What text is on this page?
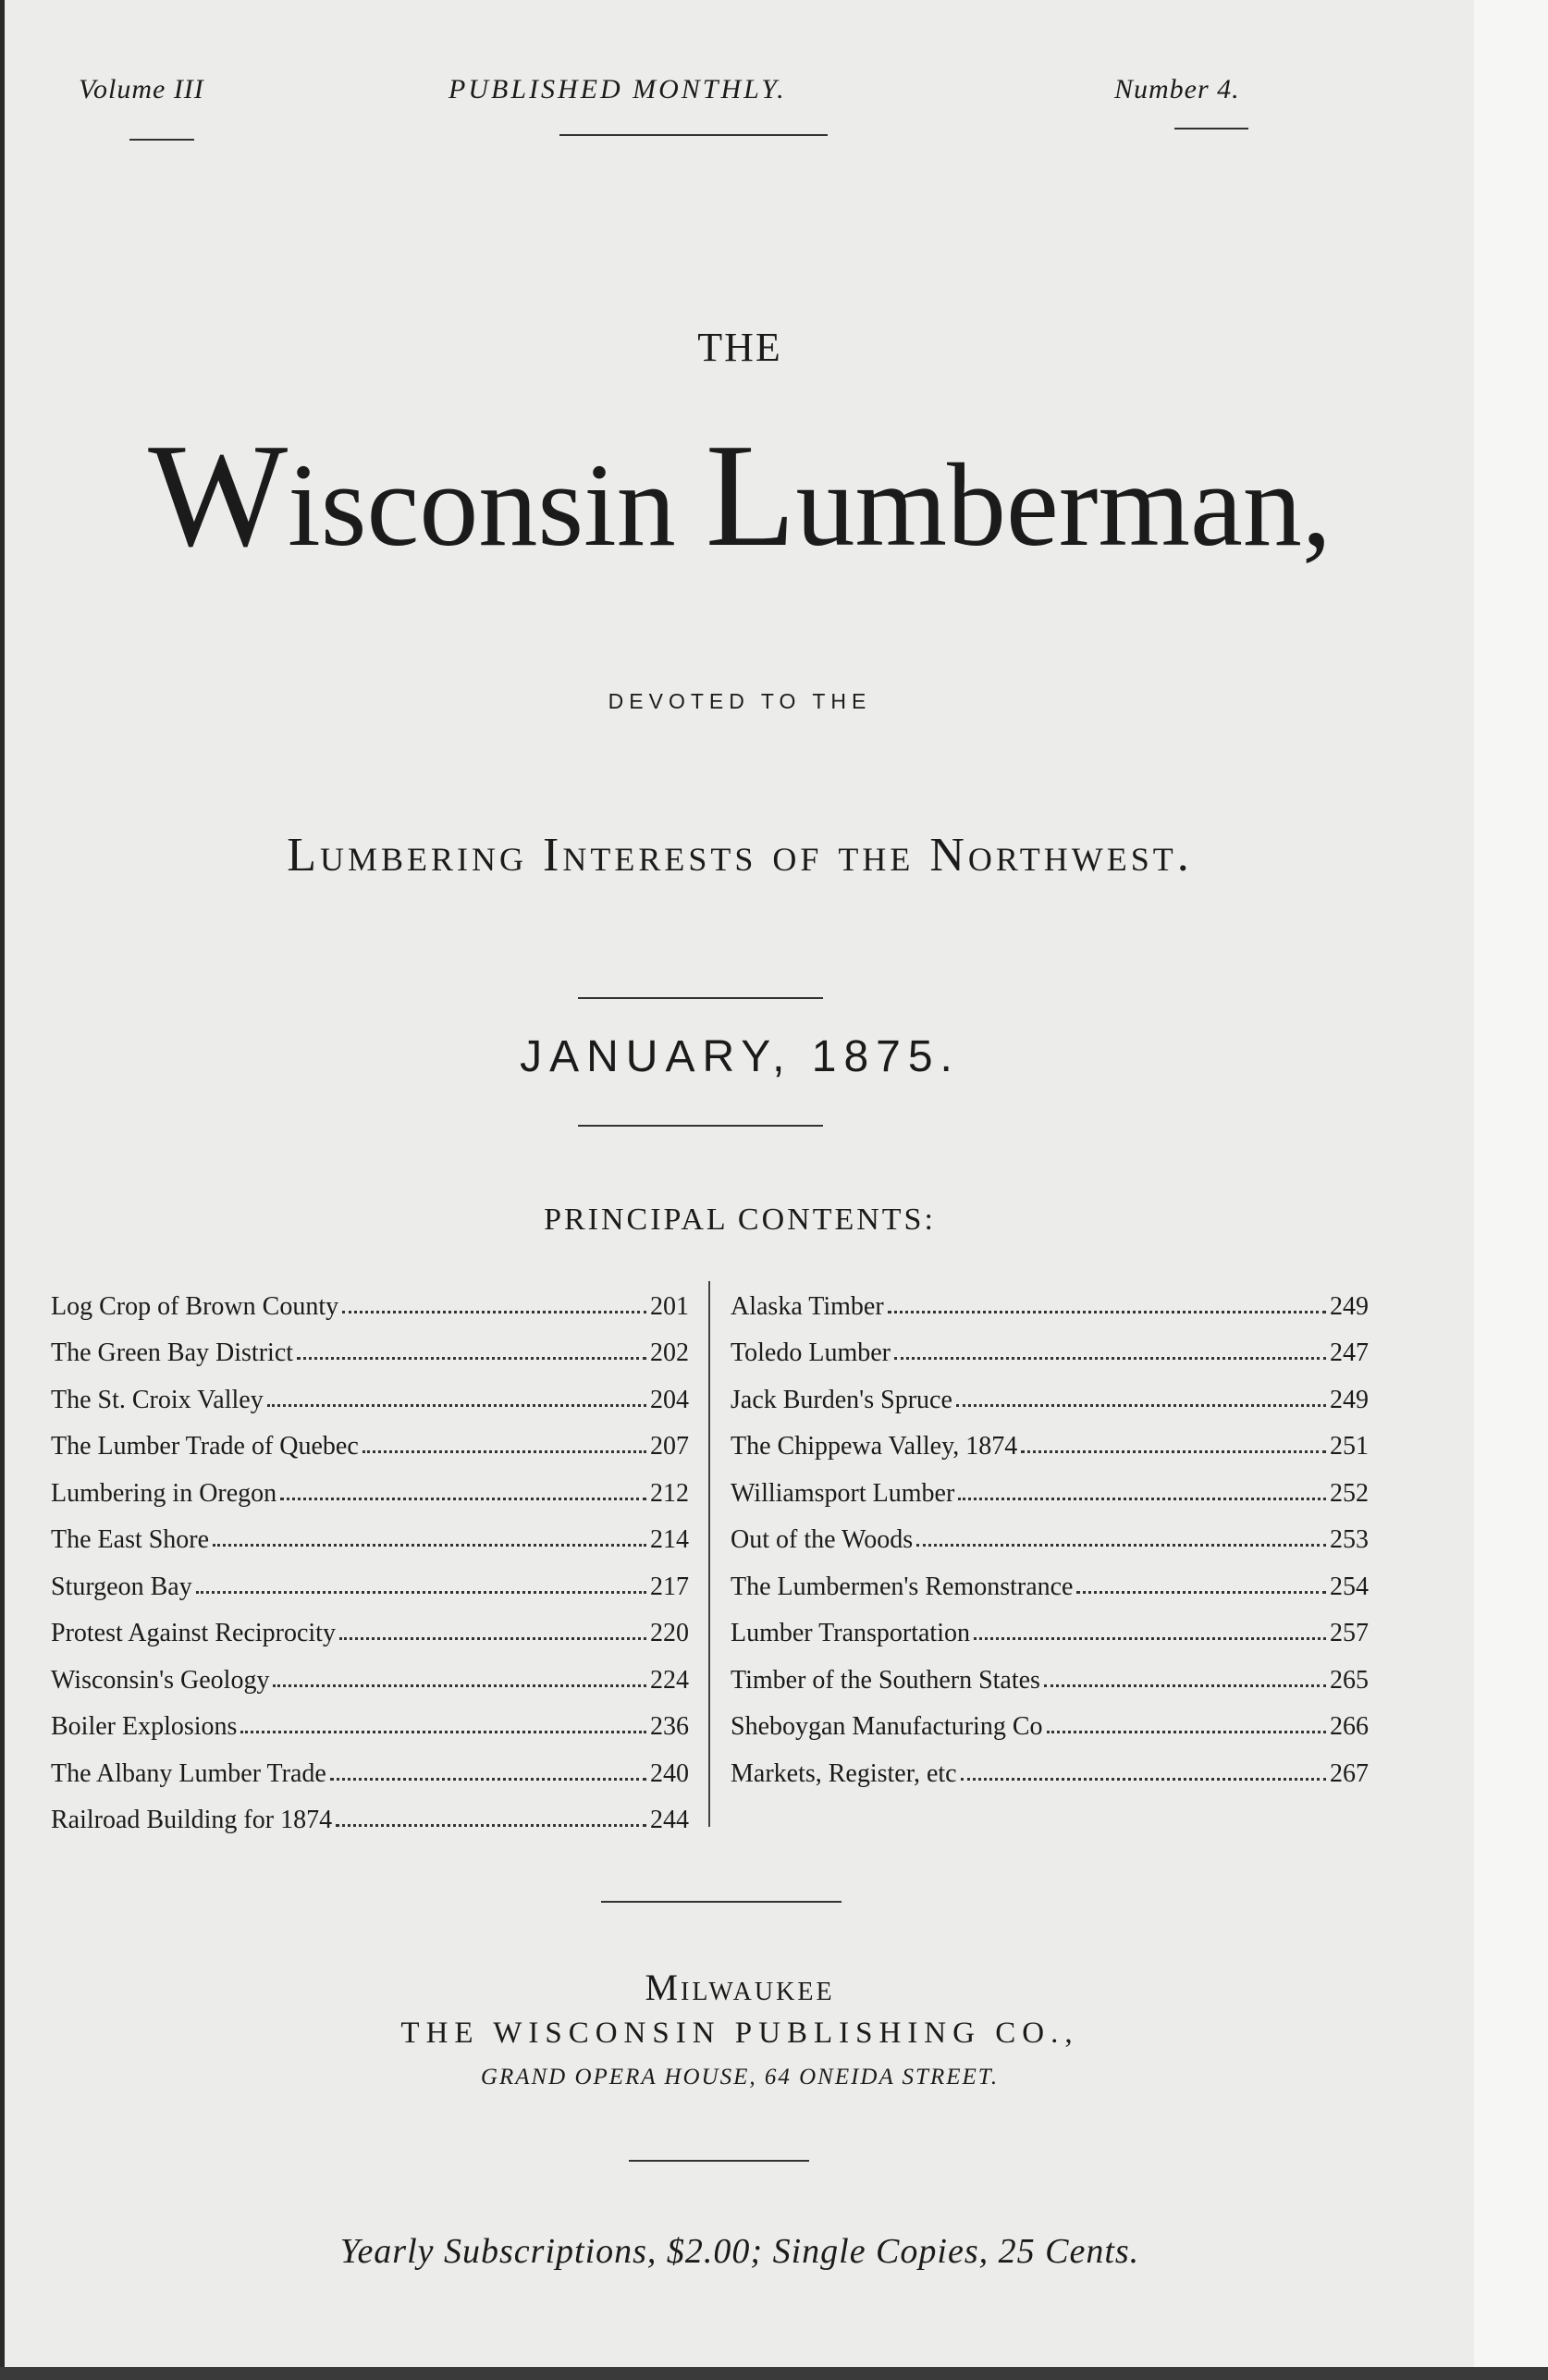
Volume III	PUBLISHED MONTHLY.	Number 4.
THE
Wisconsin Lumberman,
DEVOTED TO THE
Lumbering Interests of the Northwest.
JANUARY, 1875.
PRINCIPAL CONTENTS:
Log Crop of Brown County	201
The Green Bay District	202
The St. Croix Valley	204
The Lumber Trade of Quebec	207
Lumbering in Oregon	212
The East Shore	214
Sturgeon Bay	217
Protest Against Reciprocity	220
Wisconsin's Geology	224
Boiler Explosions	236
The Albany Lumber Trade	240
Railroad Building for 1874	244
Alaska Timber	249
Toledo Lumber	247
Jack Burden's Spruce	249
The Chippewa Valley, 1874	251
Williamsport Lumber	252
Out of the Woods	253
The Lumbermen's Remonstrance	254
Lumber Transportation	257
Timber of the Southern States	265
Sheboygan Manufacturing Co	266
Markets, Register, etc	267
Milwaukee
THE WISCONSIN PUBLISHING CO.,
GRAND OPERA HOUSE, 64 ONEIDA STREET.
Yearly Subscriptions, $2.00; Single Copies, 25 Cents.
